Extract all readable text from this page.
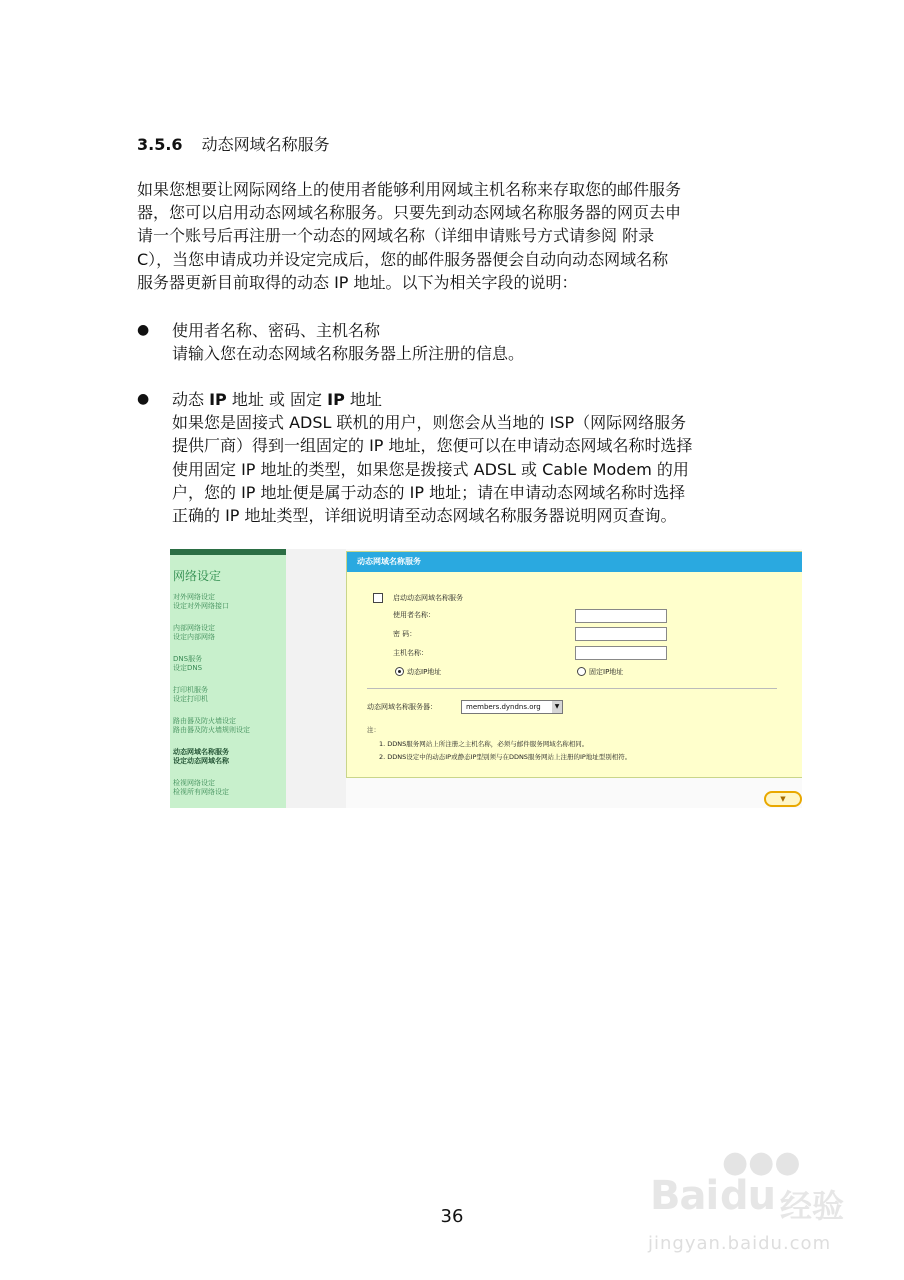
3.5.6 动态网域名称服务
如果您想要让网际网络上的使用者能够利用网域主机名称来存取您的邮件服务
器，您可以启用动态网域名称服务。只要先到动态网域名称服务器的网页去申
请一个账号后再注册一个动态的网域名称（详细申请账号方式请参阅 附录
C），当您申请成功并设定完成后，您的邮件服务器便会自动向动态网域名称
服务器更新目前取得的动态 IP 地址。以下为相关字段的说明：
● 使用者名称、密码、主机名称
请输入您在动态网域名称服务器上所注册的信息。
● 动态 IP 地址 或 固定 IP 地址
如果您是固接式 ADSL 联机的用户，则您会从当地的 ISP（网际网络服务
提供厂商）得到一组固定的 IP 地址，您便可以在申请动态网域名称时选择
使用固定 IP 地址的类型，如果您是拨接式 ADSL 或 Cable Modem 的用
户，您的 IP 地址便是属于动态的 IP 地址；请在申请动态网域名称时选择
正确的 IP 地址类型，详细说明请至动态网域名称服务器说明网页查询。
网络设定
对外网络设定
设定对外网络接口
内部网络设定
设定内部网络
DNS服务
设定DNS
打印机服务
设定打印机
路由器及防火墙设定
路由器及防火墙规则设定
动态网域名称服务
设定动态网域名称
检视网络设定
检视所有网络设定
动态网域名称服务
启动动态网域名称服务
使用者名称：
密 码：
主机名称：
动态IP地址	固定IP地址
动态网域名称服务器：	members.dyndns.org	▼
注：
1. DDNS服务网站上所注册之主机名称，必须与邮件服务网域名称相同。
2. DDNS设定中的动态IP或静态IP型别须与在DDNS服务网站上注册的IP地址型别相符。
▼
36
●●●
Bai du 经验
jingyan.baidu.com
